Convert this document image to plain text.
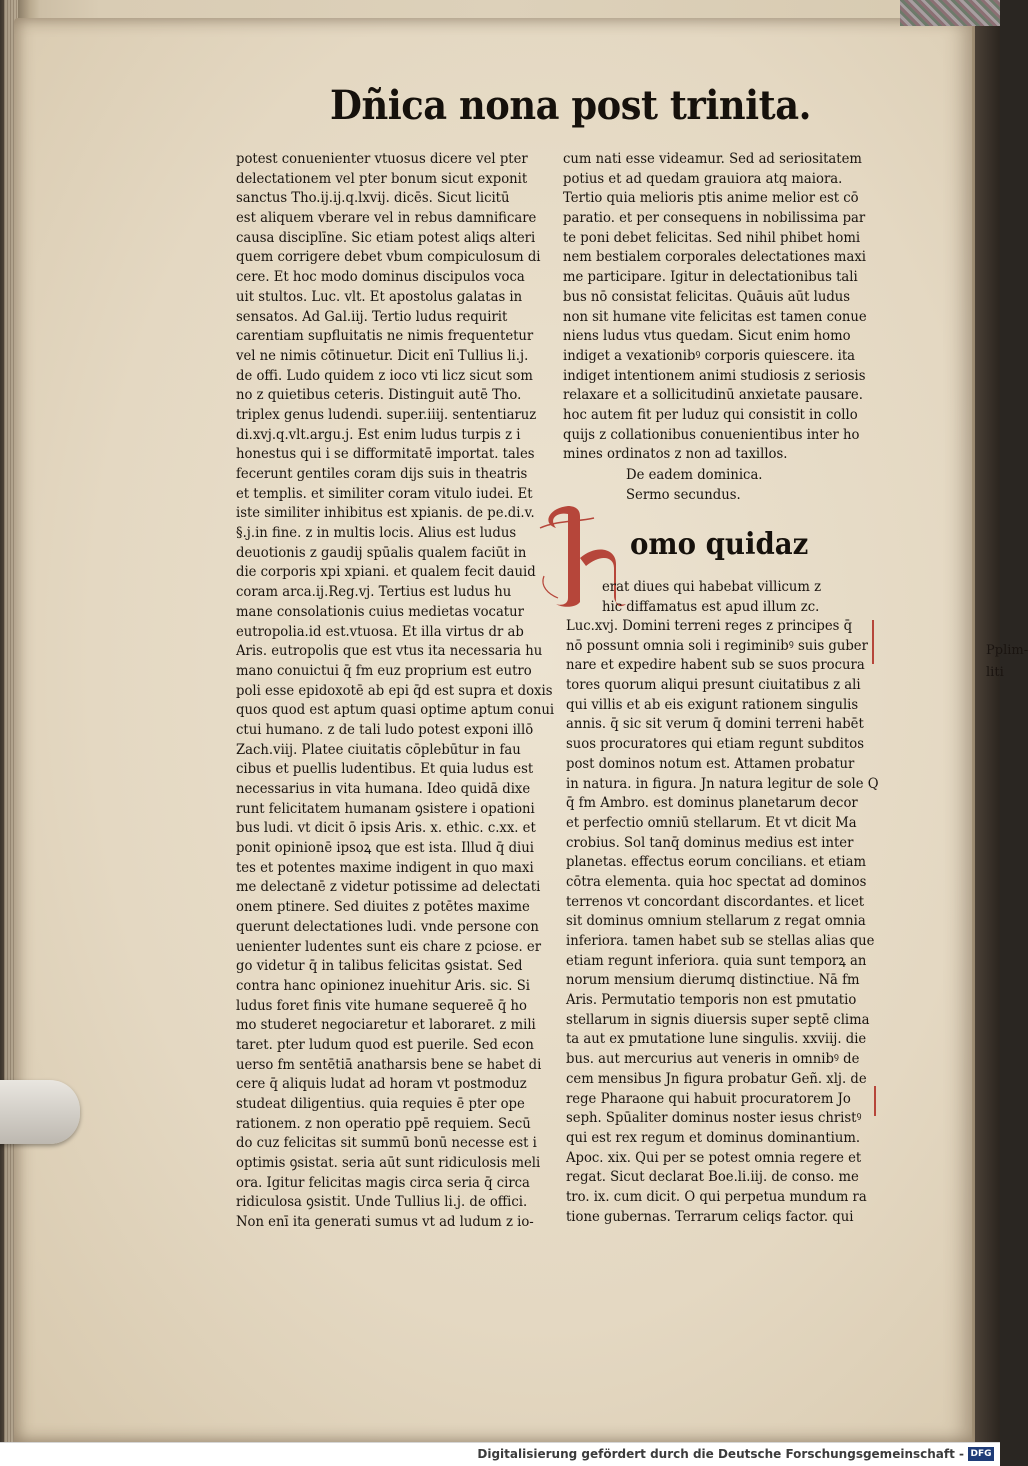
Dñica nona post trinita.
potest conuenienter vtuosus dicere vel pter
delectationem vel pter bonum sicut exponit
sanctus Tho.ij.ij.q.lxvij. dicēs. Sicut licitū
est aliquem vberare vel in rebus damnificare
causa disciplīne. Sic etiam potest aliqs alteri
quem corrigere debet vbum compiculosum di
cere. Et hoc modo dominus discipulos voca
uit stultos. Luc. vlt. Et apostolus galatas in
sensatos. Ad Gal.iij. Tertio ludus requirit
carentiam supfluitatis ne nimis frequentetur
vel ne nimis cōtinuetur. Dicit enī Tullius li.j.
de offi. Ludo quidem z ioco vti licz sicut som
no z quietibus ceteris. Distinguit autē Tho.
triplex genus ludendi. super.iiij. sententiaruz
di.xvj.q.vlt.argu.j. Est enim ludus turpis z i
honestus qui i se difformitatē importat. tales
fecerunt gentiles coram dijs suis in theatris
et templis. et similiter coram vitulo iudei. Et
iste similiter inhibitus est xpianis. de pe.di.v.
§.j.in fine. z in multis locis. Alius est ludus
deuotionis z gaudij spūalis qualem faciūt in
die corporis xpi xpiani. et qualem fecit dauid
coram arca.ij.Reg.vj. Tertius est ludus hu
mane consolationis cuius medietas vocatur
eutropolia.id est.vtuosa. Et illa virtus dr ab
Aris. eutropolis que est vtus ita necessaria hu
mano conuictui q̄ fm euz proprium est eutro
poli esse epidoxotē ab epi q̄d est supra et doxis
quos quod est aptum quasi optime aptum conui
ctui humano. z de tali ludo potest exponi illō
Zach.viij. Platee ciuitatis cōplebūtur in fau
cibus et puellis ludentibus. Et quia ludus est
necessarius in vita humana. Ideo quidā dixe
runt felicitatem humanam ꝯsistere i opationi
bus ludi. vt dicit ō ipsis Aris. x. ethic. c.xx. et
ponit opinionē ipsoꝝ que est ista. Illud q̄ diui
tes et potentes maxime indigent in quo maxi
me delectanē z videtur potissime ad delectati
onem ptinere. Sed diuites z potētes maxime
querunt delectationes ludi. vnde persone con
uenienter ludentes sunt eis chare z pciose. er
go videtur q̄ in talibus felicitas ꝯsistat. Sed
contra hanc opinionez inuehitur Aris. sic. Si
ludus foret finis vite humane sequereē q̄ ho
mo studeret negociaretur et laboraret. z mili
taret. pter ludum quod est puerile. Sed econ
uerso fm sentētiā anatharsis bene se habet di
cere q̄ aliquis ludat ad horam vt postmoduz
studeat diligentius. quia requies ē pter ope
rationem. z non operatio ppē requiem. Secū
do cuz felicitas sit summū bonū necesse est i
optimis ꝯsistat. seria aūt sunt ridiculosis meli
ora. Igitur felicitas magis circa seria q̄ circa
ridiculosa ꝯsistit. Unde Tullius li.j. de offici.
Non enī ita generati sumus vt ad ludum z io-
cum nati esse videamur. Sed ad seriositatem
potius et ad quedam grauiora atq maiora.
Tertio quia melioris ptis anime melior est cō
paratio. et per consequens in nobilissima par
te poni debet felicitas. Sed nihil phibet homi
nem bestialem corporales delectationes maxi
me participare. Igitur in delectationibus tali
bus nō consistat felicitas. Quāuis aūt ludus
non sit humane vite felicitas est tamen conue
niens ludus vtus quedam. Sicut enim homo
indiget a vexationibꝰ corporis quiescere. ita
indiget intentionem animi studiosis z seriosis
relaxare et a sollicitudinū anxietate pausare.
hoc autem fit per luduz qui consistit in collo
quijs z collationibus conuenientibus inter ho
mines ordinatos z non ad taxillos.
De eadem dominica.
Sermo secundus.
omo quidaz
erat diues qui habebat villicum z
hic diffamatus est apud illum zc.
Luc.xvj. Domini terreni reges z principes q̄
nō possunt omnia soli i regiminibꝰ suis guber
nare et expedire habent sub se suos procura
tores quorum aliqui presunt ciuitatibus z ali
qui villis et ab eis exigunt rationem singulis
annis. q̄ sic sit verum q̄ domini terreni habēt
suos procuratores qui etiam regunt subditos
post dominos notum est. Attamen probatur
in natura. in figura. Jn natura legitur de sole Q
q̄ fm Ambro. est dominus planetarum decor
et perfectio omniū stellarum. Et vt dicit Ma
crobius. Sol tanq̄ dominus medius est inter
planetas. effectus eorum concilians. et etiam
cōtra elementa. quia hoc spectat ad dominos
terrenos vt concordant discordantes. et licet
sit dominus omnium stellarum z regat omnia
inferiora. tamen habet sub se stellas alias que
etiam regunt inferiora. quia sunt temporꝝ an
norum mensium dierumq distinctiue. Nā fm
Aris. Permutatio temporis non est pmutatio
stellarum in signis diuersis super septē clima
ta aut ex pmutatione lune singulis. xxviij. die
bus. aut mercurius aut veneris in omnibꝰ de
cem mensibus Jn figura probatur Geñ. xlj. de
rege Pharaone qui habuit procuratorem Jo
seph. Spūaliter dominus noster iesus christꝰ
qui est rex regum et dominus dominantium.
Apoc. xix. Qui per se potest omnia regere et
regat. Sicut declarat Boe.li.iij. de conso. me
tro. ix. cum dicit. O qui perpetua mundum ra
tione gubernas. Terrarum celiqs factor. qui
Pplim-liti
Digitalisierung gefördert durch die Deutsche Forschungsgemeinschaft - DFG
